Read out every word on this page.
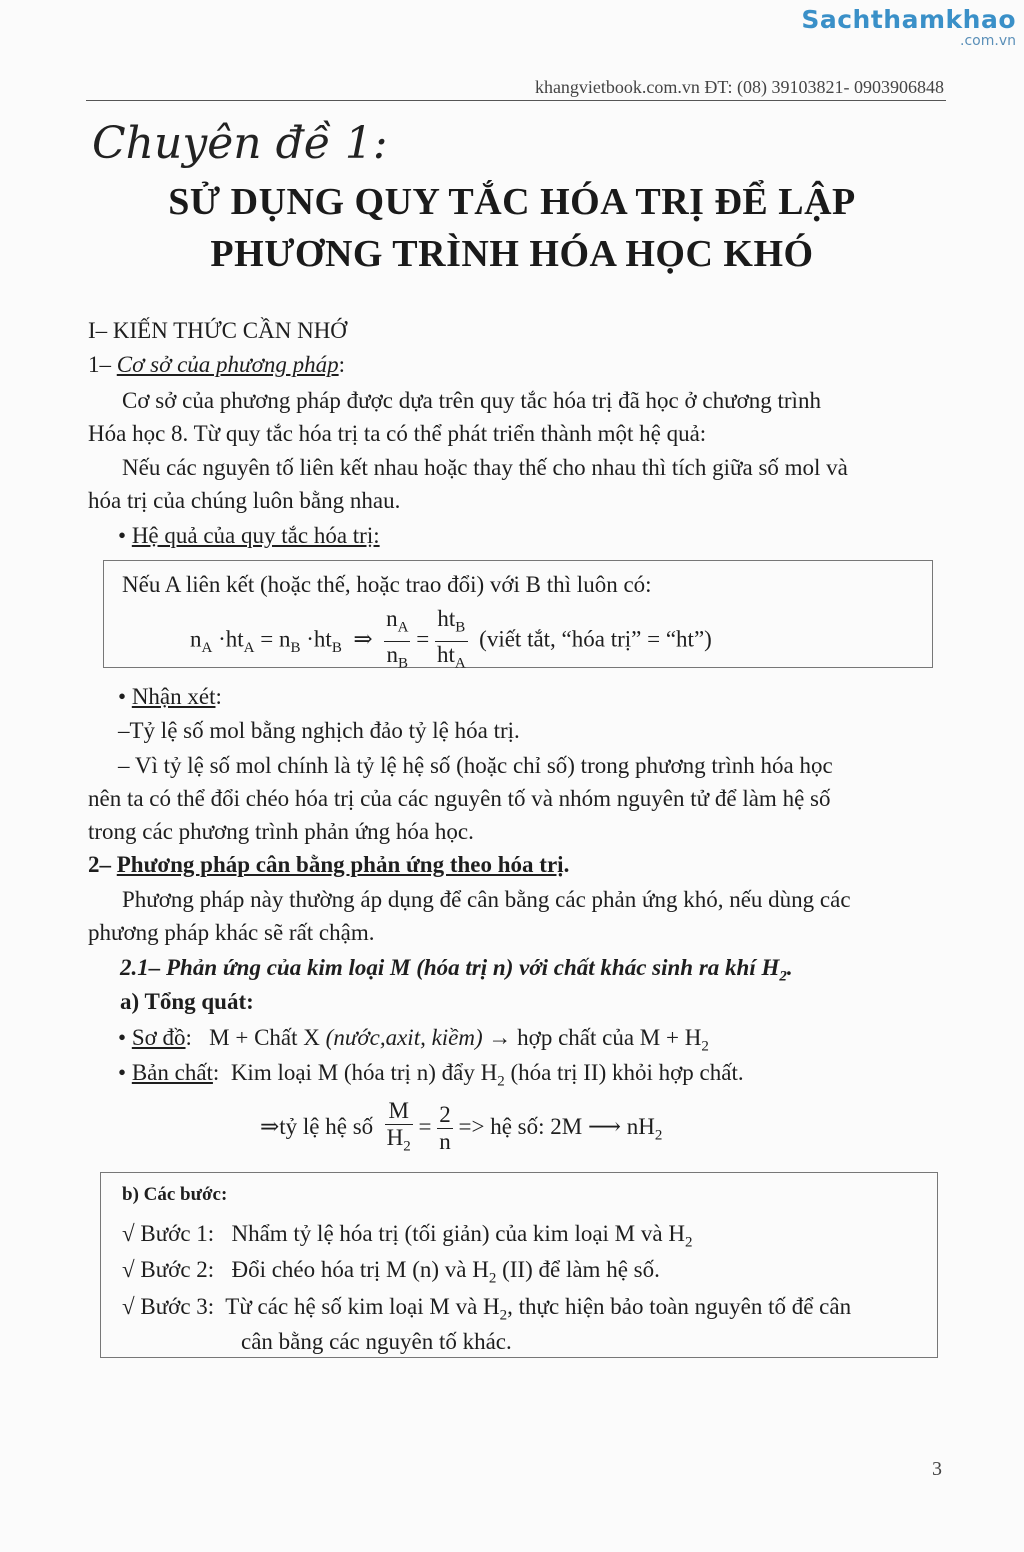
Sachthamkhao
.com.vn
khangvietbook.com.vn ĐT: (08) 39103821- 0903906848
Chuyên đề 1:
SỬ DỤNG QUY TẮC HÓA TRỊ ĐỂ LẬP
PHƯƠNG TRÌNH HÓA HỌC KHÓ
I– KIẾN THỨC CẦN NHỚ
1– Cơ sở của phương pháp:
Cơ sở của phương pháp được dựa trên quy tắc hóa trị đã học ở chương trình
Hóa học 8. Từ quy tắc hóa trị ta có thể phát triển thành một hệ quả:
Nếu các nguyên tố liên kết nhau hoặc thay thế cho nhau thì tích giữa số mol và
hóa trị của chúng luôn bằng nhau.
• Hệ quả của quy tắc hóa trị:
Nếu A liên kết (hoặc thế, hoặc trao đổi) với B thì luôn có:
$n_A \cdot ht_A = n_B \cdot ht_B$  ⇒ $\frac{n_A}{n_B} = \frac{ht_B}{ht_A}$ (viết tắt, “hóa trị” = “ht”)
• Nhận xét:
–Tỷ lệ số mol bằng nghịch đảo tỷ lệ hóa trị.
– Vì tỷ lệ số mol chính là tỷ lệ hệ số (hoặc chỉ số) trong phương trình hóa học
nên ta có thể đổi chéo hóa trị của các nguyên tố và nhóm nguyên tử để làm hệ số
trong các phương trình phản ứng hóa học.
2– Phương pháp cân bằng phản ứng theo hóa trị.
Phương pháp này thường áp dụng để cân bằng các phản ứng khó, nếu dùng các
phương pháp khác sẽ rất chậm.
2.1– Phản ứng của kim loại M (hóa trị n) với chất khác sinh ra khí $H_2$.
a) Tổng quát:
• Sơ đồ:   M + Chất X (nước,axit, kiềm) → hợp chất của $M + H_2$
• Bản chất:  Kim loại M (hóa trị n) đẩy $H_2$ (hóa trị II) khỏi hợp chất.
⇒tỷ lệ hệ số $\frac{M}{H_2} = \frac{2}{n}$ => hệ số: 2M ⟶ $nH_2$
b) Các bước:
√ Bước 1: Nhẩm tỷ lệ hóa trị (tối giản) của kim loại M và $H_2$
√ Bước 2: Đổi chéo hóa trị M (n) và $H_2$ (II) để làm hệ số.
√ Bước 3: Từ các hệ số kim loại M và $H_2$, thực hiện bảo toàn nguyên tố để cân
cân bằng các nguyên tố khác.
3
